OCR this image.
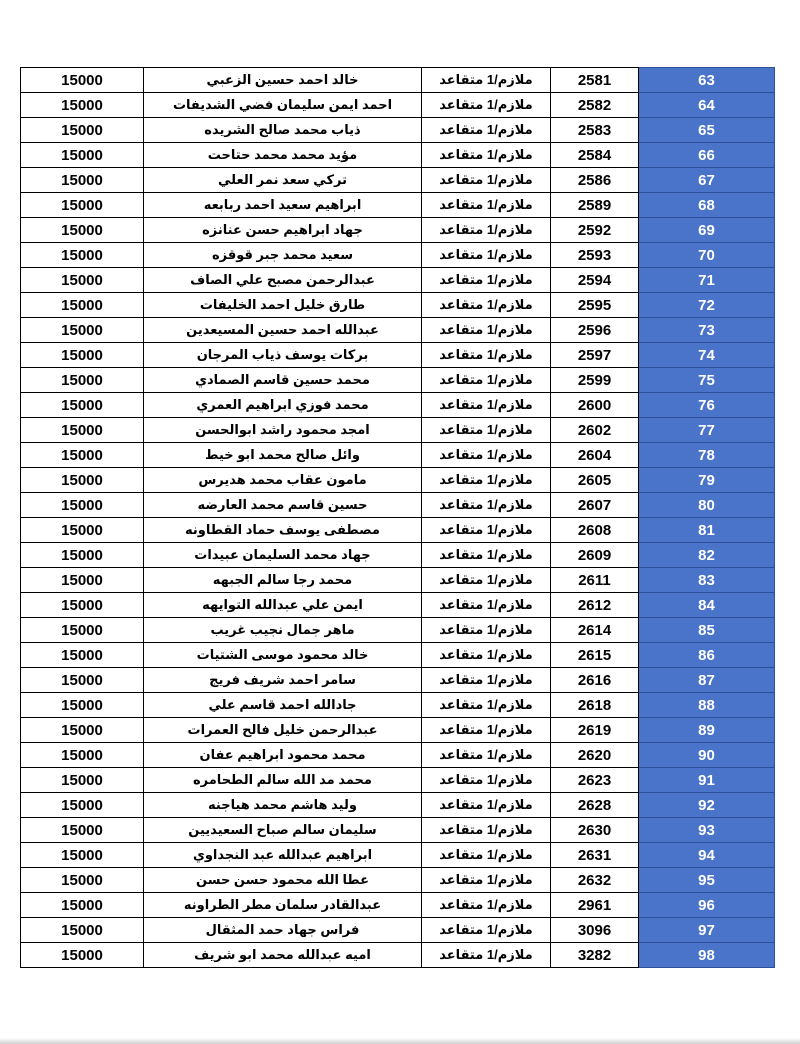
15000	خالد احمد حسين الزعبي	ملازم/1 متقاعد	2581	63
15000	احمد ايمن سليمان فضي الشديفات	ملازم/1 متقاعد	2582	64
15000	ذياب محمد صالح الشريده	ملازم/1 متقاعد	2583	65
15000	مؤيد محمد محمد حتاحت	ملازم/1 متقاعد	2584	66
15000	تركي سعد نمر العلي	ملازم/1 متقاعد	2586	67
15000	ابراهيم سعيد احمد ربابعه	ملازم/1 متقاعد	2589	68
15000	جهاد ابراهيم حسن عنانزه	ملازم/1 متقاعد	2592	69
15000	سعيد محمد جبر قوقزه	ملازم/1 متقاعد	2593	70
15000	عبدالرحمن مصبح علي الصاف	ملازم/1 متقاعد	2594	71
15000	طارق خليل احمد الخليفات	ملازم/1 متقاعد	2595	72
15000	عبدالله احمد حسين المسيعدين	ملازم/1 متقاعد	2596	73
15000	بركات يوسف ذياب المرجان	ملازم/1 متقاعد	2597	74
15000	محمد حسين قاسم الصمادي	ملازم/1 متقاعد	2599	75
15000	محمد فوزي ابراهيم العمري	ملازم/1 متقاعد	2600	76
15000	امجد محمود راشد ابوالحسن	ملازم/1 متقاعد	2602	77
15000	وائل صالح محمد ابو خيط	ملازم/1 متقاعد	2604	78
15000	مامون عقاب محمد هديرس	ملازم/1 متقاعد	2605	79
15000	حسين قاسم محمد العارضه	ملازم/1 متقاعد	2607	80
15000	مصطفى يوسف حماد القطاونه	ملازم/1 متقاعد	2608	81
15000	جهاد محمد السليمان عبيدات	ملازم/1 متقاعد	2609	82
15000	محمد رجا سالم الجبهه	ملازم/1 متقاعد	2611	83
15000	ايمن علي عبدالله التوايهه	ملازم/1 متقاعد	2612	84
15000	ماهر جمال نجيب غريب	ملازم/1 متقاعد	2614	85
15000	خالد محمود موسى الشتيات	ملازم/1 متقاعد	2615	86
15000	سامر احمد شريف فريج	ملازم/1 متقاعد	2616	87
15000	جادالله احمد قاسم علي	ملازم/1 متقاعد	2618	88
15000	عبدالرحمن خليل فالح العمرات	ملازم/1 متقاعد	2619	89
15000	محمد محمود ابراهيم عفان	ملازم/1 متقاعد	2620	90
15000	محمد مد الله سالم الطحامره	ملازم/1 متقاعد	2623	91
15000	وليد هاشم محمد هياجنه	ملازم/1 متقاعد	2628	92
15000	سليمان سالم صباح السعيديين	ملازم/1 متقاعد	2630	93
15000	ابراهيم عبدالله عبد النجداوي	ملازم/1 متقاعد	2631	94
15000	عطا الله محمود حسن حسن	ملازم/1 متقاعد	2632	95
15000	عبدالقادر سلمان مطر الطراونه	ملازم/1 متقاعد	2961	96
15000	فراس جهاد حمد المثقال	ملازم/1 متقاعد	3096	97
15000	اميه عبدالله محمد ابو شريف	ملازم/1 متقاعد	3282	98
